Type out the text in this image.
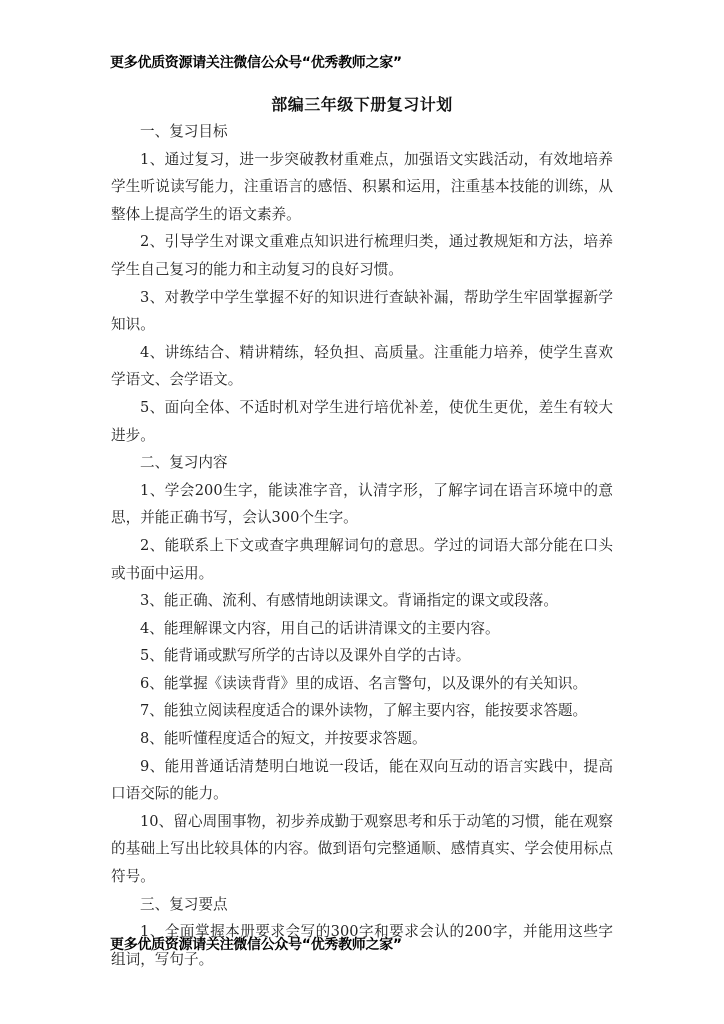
更多优质资源请关注微信公众号“优秀教师之家”
部编三年级下册复习计划

一、复习目标

1、通过复习，进一步突破教材重难点，加强语文实践活动，有效地培养学生听说读写能力，注重语言的感悟、积累和运用，注重基本技能的训练，从整体上提高学生的语文素养。

2、引导学生对课文重难点知识进行梳理归类，通过教规矩和方法，培养学生自己复习的能力和主动复习的良好习惯。

3、对教学中学生掌握不好的知识进行查缺补漏，帮助学生牢固掌握新学知识。

4、讲练结合、精讲精练，轻负担、高质量。注重能力培养，使学生喜欢学语文、会学语文。

5、面向全体、不适时机对学生进行培优补差，使优生更优，差生有较大进步。

二、复习内容

1、学会200生字，能读准字音，认清字形，了解字词在语言环境中的意思，并能正确书写，会认300个生字。

2、能联系上下文或查字典理解词句的意思。学过的词语大部分能在口头或书面中运用。

3、能正确、流利、有感情地朗读课文。背诵指定的课文或段落。

4、能理解课文内容，用自己的话讲清课文的主要内容。

5、能背诵或默写所学的古诗以及课外自学的古诗。

6、能掌握《读读背背》里的成语、名言警句，以及课外的有关知识。

7、能独立阅读程度适合的课外读物，了解主要内容，能按要求答题。

8、能听懂程度适合的短文，并按要求答题。

9、能用普通话清楚明白地说一段话，能在双向互动的语言实践中，提高口语交际的能力。

10、留心周围事物，初步养成勤于观察思考和乐于动笔的习惯，能在观察的基础上写出比较具体的内容。做到语句完整通顺、感情真实、学会使用标点符号。

三、复习要点

1、全面掌握本册要求会写的300字和要求会认的200字，并能用这些字组词，写句子。

更多优质资源请关注微信公众号“优秀教师之家”
